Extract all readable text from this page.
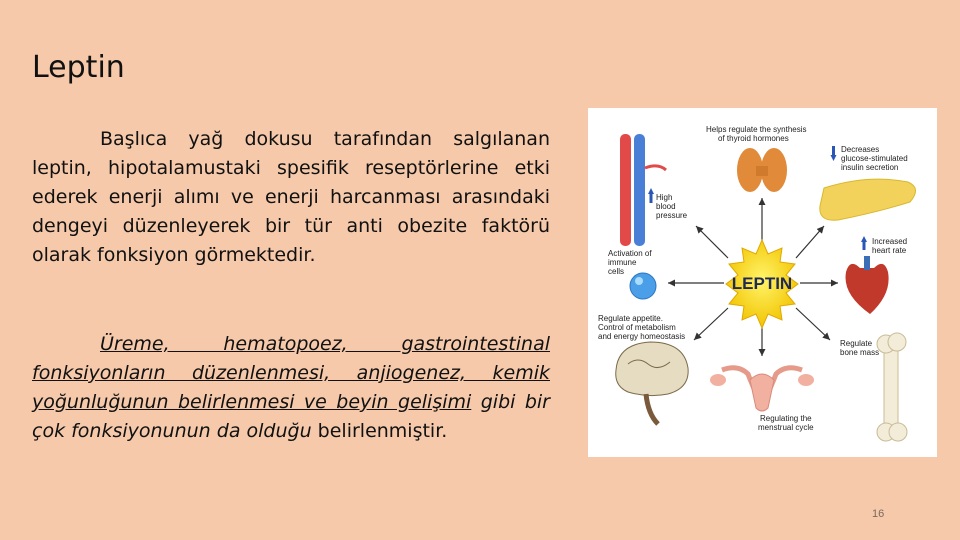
Leptin

Başlıca yağ dokusu tarafından salgılanan leptin, hipotalamustaki spesifik reseptörlerine etki ederek enerji alımı ve enerji harcanması arasındaki dengeyi düzenleyerek bir tür anti obezite faktörü olarak fonksiyon görmektedir.

Üreme, hematopoez, gastrointestinal fonksiyonların düzenlenmesi, anjiogenez, kemik yoğunluğunun belirlenmesi ve beyin gelişimi gibi bir çok fonksiyonunun da olduğu belirlenmiştir.

LEPTIN
High
blood
pressure
Helps regulate the synthesis
of thyroid hormones
Decreases
glucose-stimulated
insulin secretion
Activation of
immune
cells
Increased
heart rate
Regulate appetite.
Control of metabolism
and energy homeostasis
Regulating the
menstrual cycle
Regulate
bone mass
16
